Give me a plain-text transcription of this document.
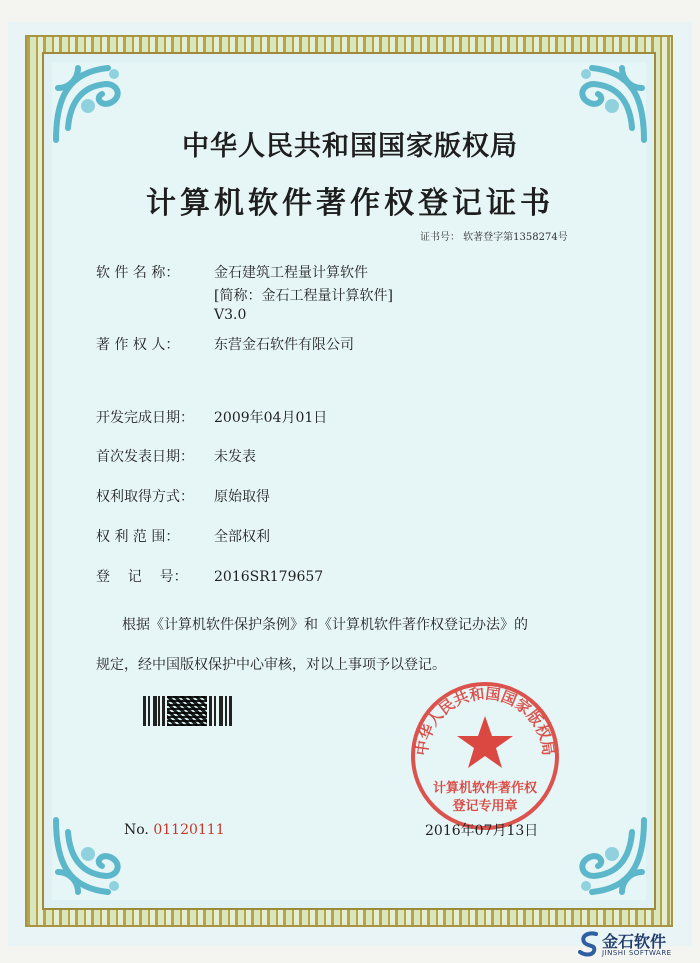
中华人民共和国国家版权局
计算机软件著作权登记证书
证书号： 软著登字第1358274号
软 件 名 称： 金石建筑工程量计算软件
[简称：金石工程量计算软件]
V3.0
著 作 权 人： 东营金石软件有限公司
开发完成日期： 2009年04月01日
首次发表日期： 未发表
权利取得方式： 原始取得
权 利 范 围： 全部权利
登    记    号： 2016SR179657
根据《计算机软件保护条例》和《计算机软件著作权登记办法》的
规定，经中国版权保护中心审核，对以上事项予以登记。
No. 01120111
中华人民共和国国家版权局
计算机软件著作权
登记专用章
2016年07月13日
金石软件
JINSHI SOFTWARE
